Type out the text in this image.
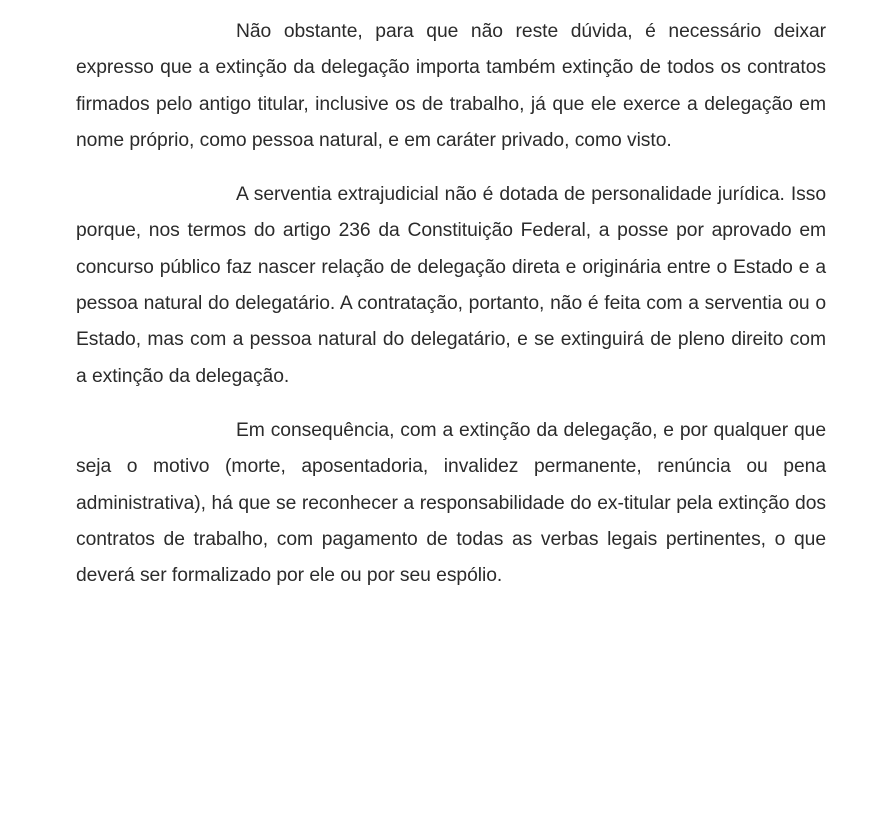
Não obstante, para que não reste dúvida, é necessário deixar expresso que a extinção da delegação importa também extinção de todos os contratos firmados pelo antigo titular, inclusive os de trabalho, já que ele exerce a delegação em nome próprio, como pessoa natural, e em caráter privado, como visto.

A serventia extrajudicial não é dotada de personalidade jurídica. Isso porque, nos termos do artigo 236 da Constituição Federal, a posse por aprovado em concurso público faz nascer relação de delegação direta e originária entre o Estado e a pessoa natural do delegatário. A contratação, portanto, não é feita com a serventia ou o Estado, mas com a pessoa natural do delegatário, e se extinguirá de pleno direito com a extinção da delegação.

Em consequência, com a extinção da delegação, e por qualquer que seja o motivo (morte, aposentadoria, invalidez permanente, renúncia ou pena administrativa), há que se reconhecer a responsabilidade do ex-titular pela extinção dos contratos de trabalho, com pagamento de todas as verbas legais pertinentes, o que deverá ser formalizado por ele ou por seu espólio.
